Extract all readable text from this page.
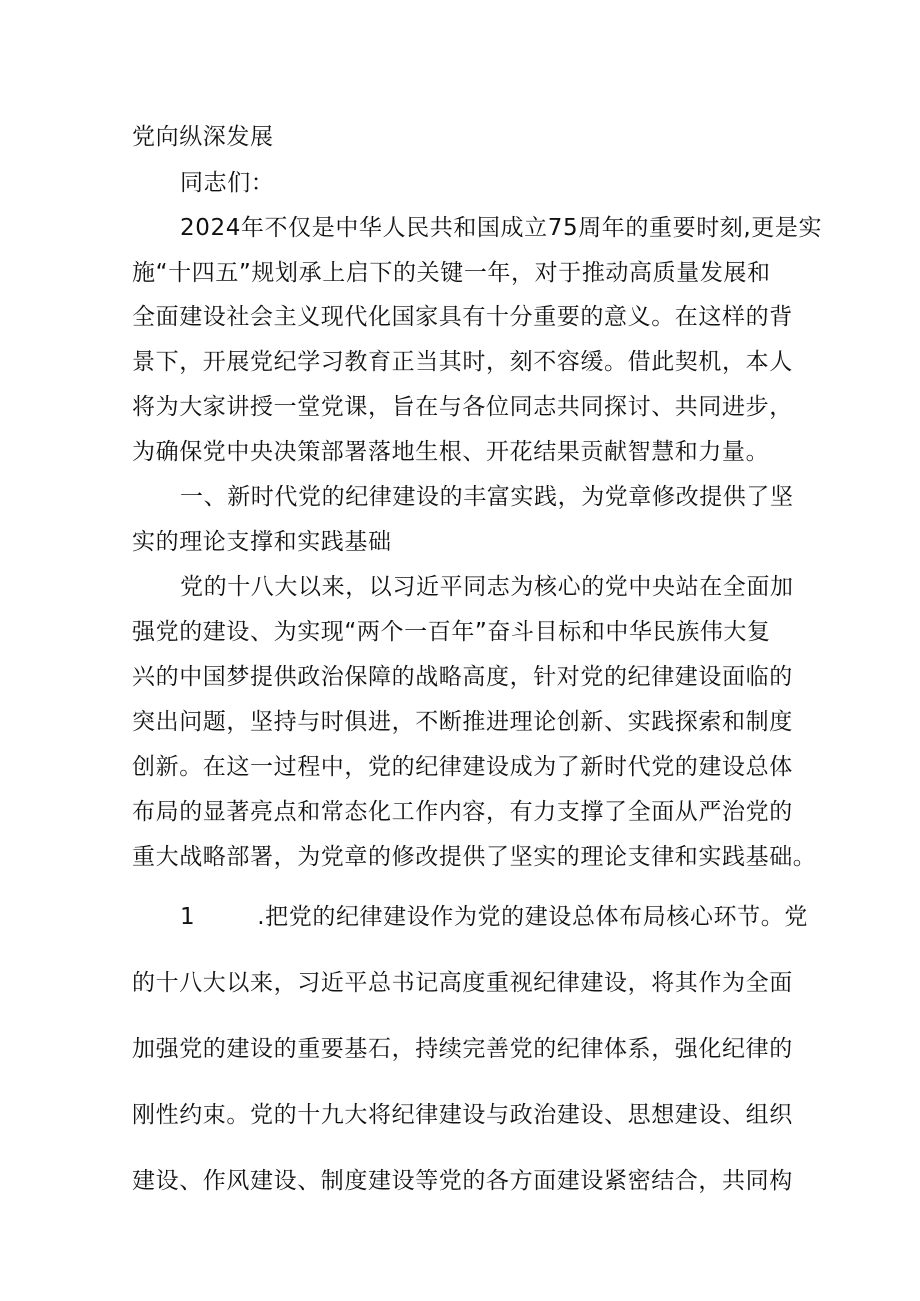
党向纵深发展
同志们：
2024年不仅是中华人民共和国成立75周年的重要时刻,更是实
施“十四五”规划承上启下的关键一年，对于推动高质量发展和
全面建设社会主义现代化国家具有十分重要的意义。在这样的背
景下，开展党纪学习教育正当其时，刻不容缓。借此契机，本人
将为大家讲授一堂党课，旨在与各位同志共同探讨、共同进步，
为确保党中央决策部署落地生根、开花结果贡献智慧和力量。
一、新时代党的纪律建设的丰富实践，为党章修改提供了坚
实的理论支撑和实践基础
党的十八大以来，以习近平同志为核心的党中央站在全面加
强党的建设、为实现“两个一百年”奋斗目标和中华民族伟大复
兴的中国梦提供政治保障的战略高度，针对党的纪律建设面临的
突出问题，坚持与时俱进，不断推进理论创新、实践探索和制度
创新。在这一过程中，党的纪律建设成为了新时代党的建设总体
布局的显著亮点和常态化工作内容，有力支撑了全面从严治党的
重大战略部署，为党章的修改提供了坚实的理论支律和实践基础。
1	.把党的纪律建设作为党的建设总体布局核心环节。党
的十八大以来，习近平总书记高度重视纪律建设，将其作为全面
加强党的建设的重要基石，持续完善党的纪律体系，强化纪律的
刚性约束。党的十九大将纪律建设与政治建设、思想建设、组织
建设、作风建设、制度建设等党的各方面建设紧密结合，共同构
